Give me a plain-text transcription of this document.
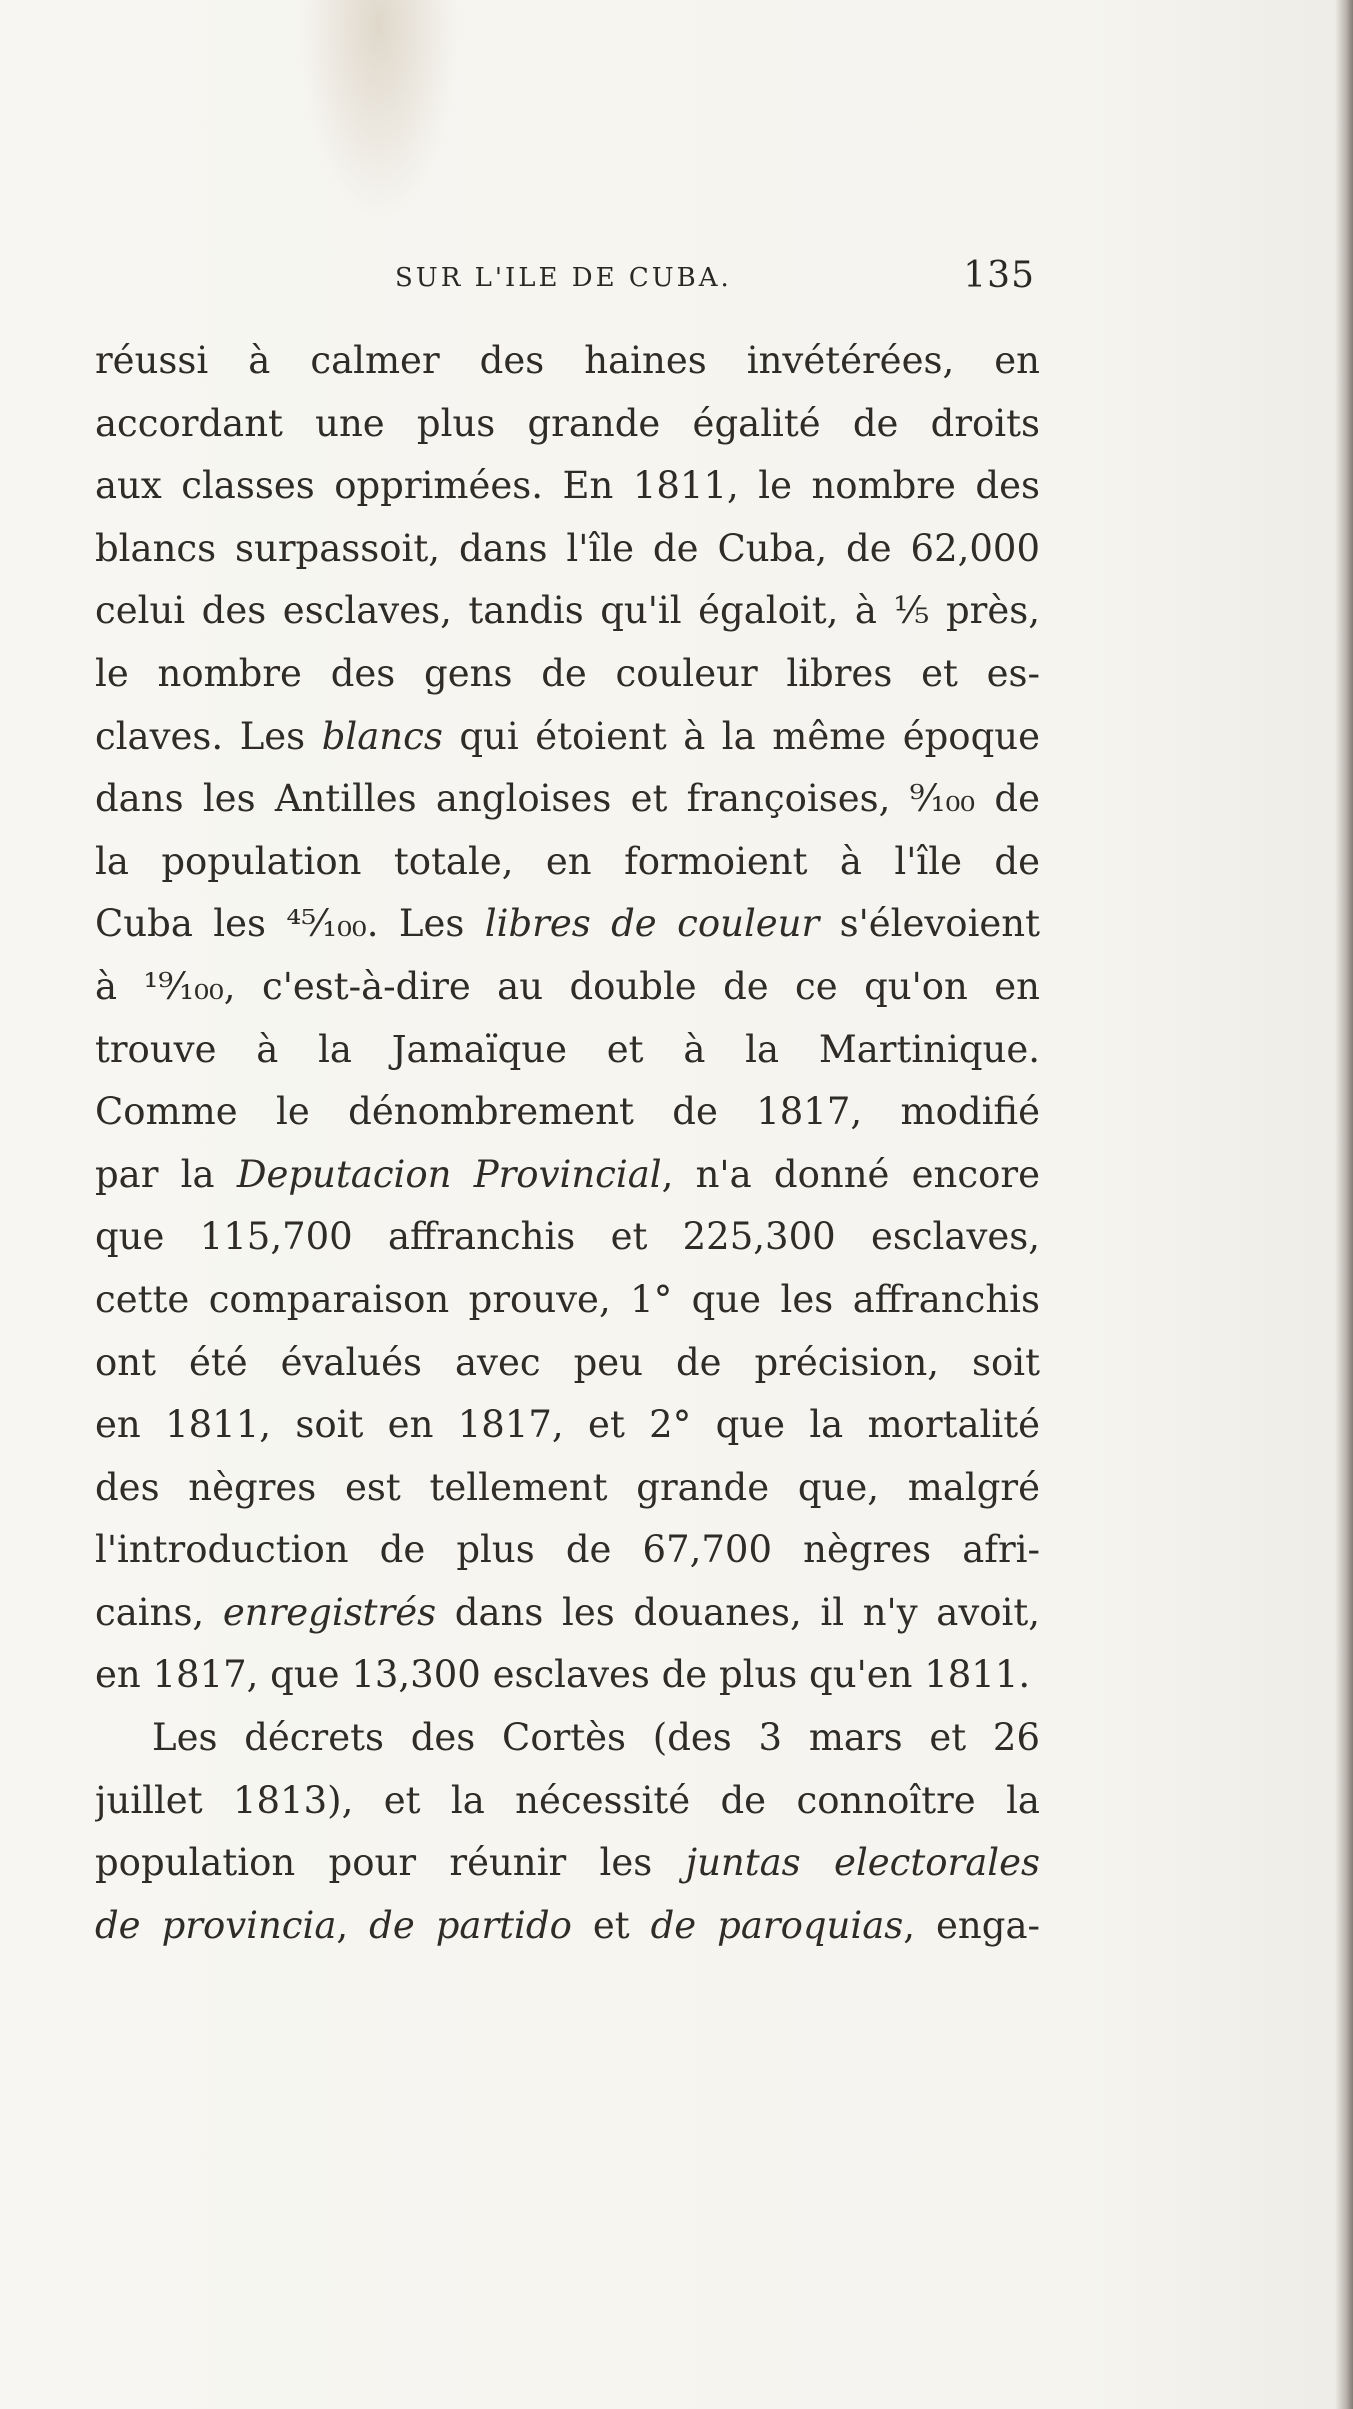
SUR L'ILE DE CUBA.	135
réussi à calmer des haines invétérées, en
accordant une plus grande égalité de droits
aux classes opprimées. En 1811, le nombre des
blancs surpassoit, dans l'île de Cuba, de 62,000
celui des esclaves, tandis qu'il égaloit, à ⅕ près,
le nombre des gens de couleur libres et es-
claves. Les blancs qui étoient à la même époque
dans les Antilles angloises et françoises, ⁹⁄₁₀₀ de
la population totale, en formoient à l'île de
Cuba les ⁴⁵⁄₁₀₀. Les libres de couleur s'élevoient
à ¹⁹⁄₁₀₀, c'est-à-dire au double de ce qu'on en
trouve à la Jamaïque et à la Martinique.
Comme le dénombrement de 1817, modifié
par la Deputacion Provincial, n'a donné encore
que 115,700 affranchis et 225,300 esclaves,
cette comparaison prouve, 1° que les affranchis
ont été évalués avec peu de précision, soit
en 1811, soit en 1817, et 2° que la mortalité
des nègres est tellement grande que, malgré
l'introduction de plus de 67,700 nègres afri-
cains, enregistrés dans les douanes, il n'y avoit,
en 1817, que 13,300 esclaves de plus qu'en 1811.
Les décrets des Cortès (des 3 mars et 26
juillet 1813), et la nécessité de connoître la
population pour réunir les juntas electorales
de provincia, de partido et de paroquias, enga-
